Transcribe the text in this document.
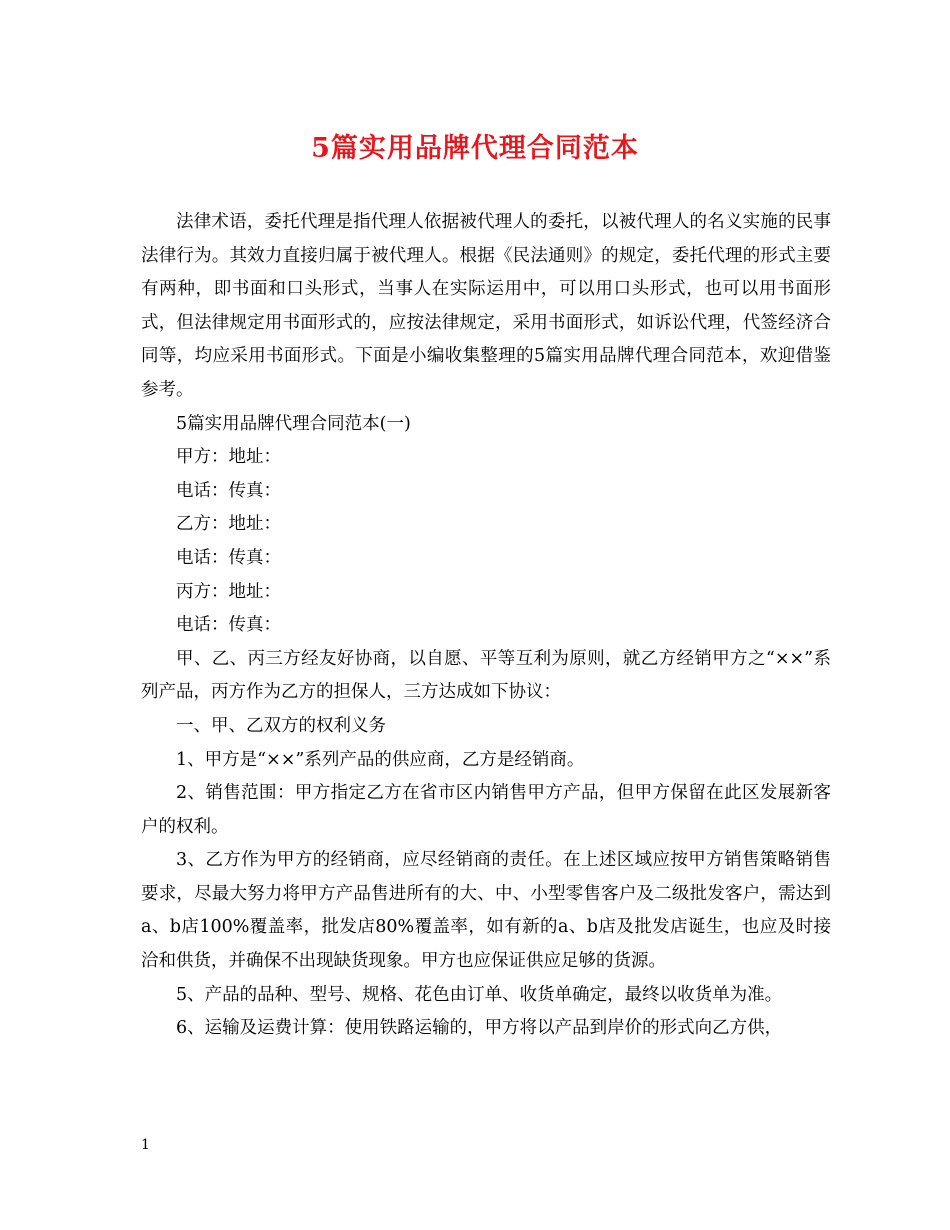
5篇实用品牌代理合同范本

法律术语，委托代理是指代理人依据被代理人的委托，以被代理人的名义实施的民事法律行为。其效力直接归属于被代理人。根据《民法通则》的规定，委托代理的形式主要有两种，即书面和口头形式，当事人在实际运用中，可以用口头形式，也可以用书面形式，但法律规定用书面形式的，应按法律规定，采用书面形式，如诉讼代理，代签经济合同等，均应采用书面形式。下面是小编收集整理的5篇实用品牌代理合同范本，欢迎借鉴参考。

5篇实用品牌代理合同范本(一)

甲方：地址：

电话：传真：

乙方：地址：

电话：传真：

丙方：地址：

电话：传真：

甲、乙、丙三方经友好协商，以自愿、平等互利为原则，就乙方经销甲方之“××”系列产品，丙方作为乙方的担保人，三方达成如下协议：

一、甲、乙双方的权利义务

1、甲方是“××”系列产品的供应商，乙方是经销商。

2、销售范围：甲方指定乙方在省市区内销售甲方产品，但甲方保留在此区发展新客户的权利。

3、乙方作为甲方的经销商，应尽经销商的责任。在上述区域应按甲方销售策略销售要求，尽最大努力将甲方产品售进所有的大、中、小型零售客户及二级批发客户，需达到a、b店100%覆盖率，批发店80%覆盖率，如有新的a、b店及批发店诞生，也应及时接洽和供货，并确保不出现缺货现象。甲方也应保证供应足够的货源。

5、产品的品种、型号、规格、花色由订单、收货单确定，最终以收货单为准。

6、运输及运费计算：使用铁路运输的，甲方将以产品到岸价的形式向乙方供，

1
